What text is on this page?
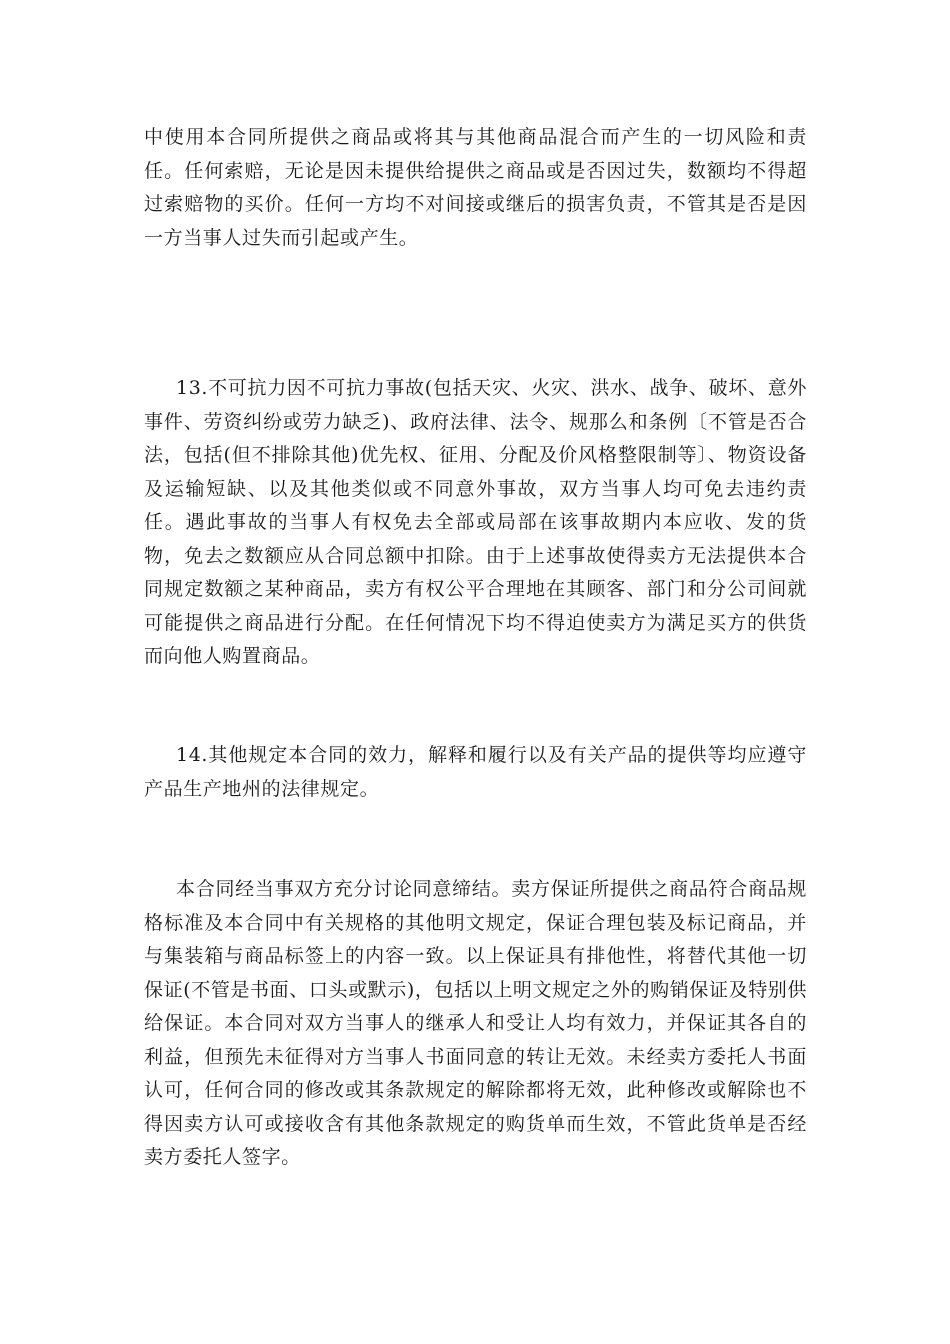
中使用本合同所提供之商品或将其与其他商品混合而产生的一切风险和责任。任何索赔，无论是因未提供给提供之商品或是否因过失，数额均不得超过索赔物的买价。任何一方均不对间接或继后的损害负责，不管其是否是因一方当事人过失而引起或产生。

13.不可抗力因不可抗力事故(包括天灾、火灾、洪水、战争、破坏、意外事件、劳资纠纷或劳力缺乏)、政府法律、法令、规那么和条例〔不管是否合法，包括(但不排除其他)优先权、征用、分配及价风格整限制等〕、物资设备及运输短缺、以及其他类似或不同意外事故，双方当事人均可免去违约责任。遇此事故的当事人有权免去全部或局部在该事故期内本应收、发的货物，免去之数额应从合同总额中扣除。由于上述事故使得卖方无法提供本合同规定数额之某种商品，卖方有权公平合理地在其顾客、部门和分公司间就可能提供之商品进行分配。在任何情况下均不得迫使卖方为满足买方的供货而向他人购置商品。

14.其他规定本合同的效力，解释和履行以及有关产品的提供等均应遵守产品生产地州的法律规定。

本合同经当事双方充分讨论同意缔结。卖方保证所提供之商品符合商品规格标准及本合同中有关规格的其他明文规定，保证合理包装及标记商品，并与集装箱与商品标签上的内容一致。以上保证具有排他性，将替代其他一切保证(不管是书面、口头或默示)，包括以上明文规定之外的购销保证及特别供给保证。本合同对双方当事人的继承人和受让人均有效力，并保证其各自的利益，但预先未征得对方当事人书面同意的转让无效。未经卖方委托人书面认可，任何合同的修改或其条款规定的解除都将无效，此种修改或解除也不得因卖方认可或接收含有其他条款规定的购货单而生效，不管此货单是否经卖方委托人签字。
